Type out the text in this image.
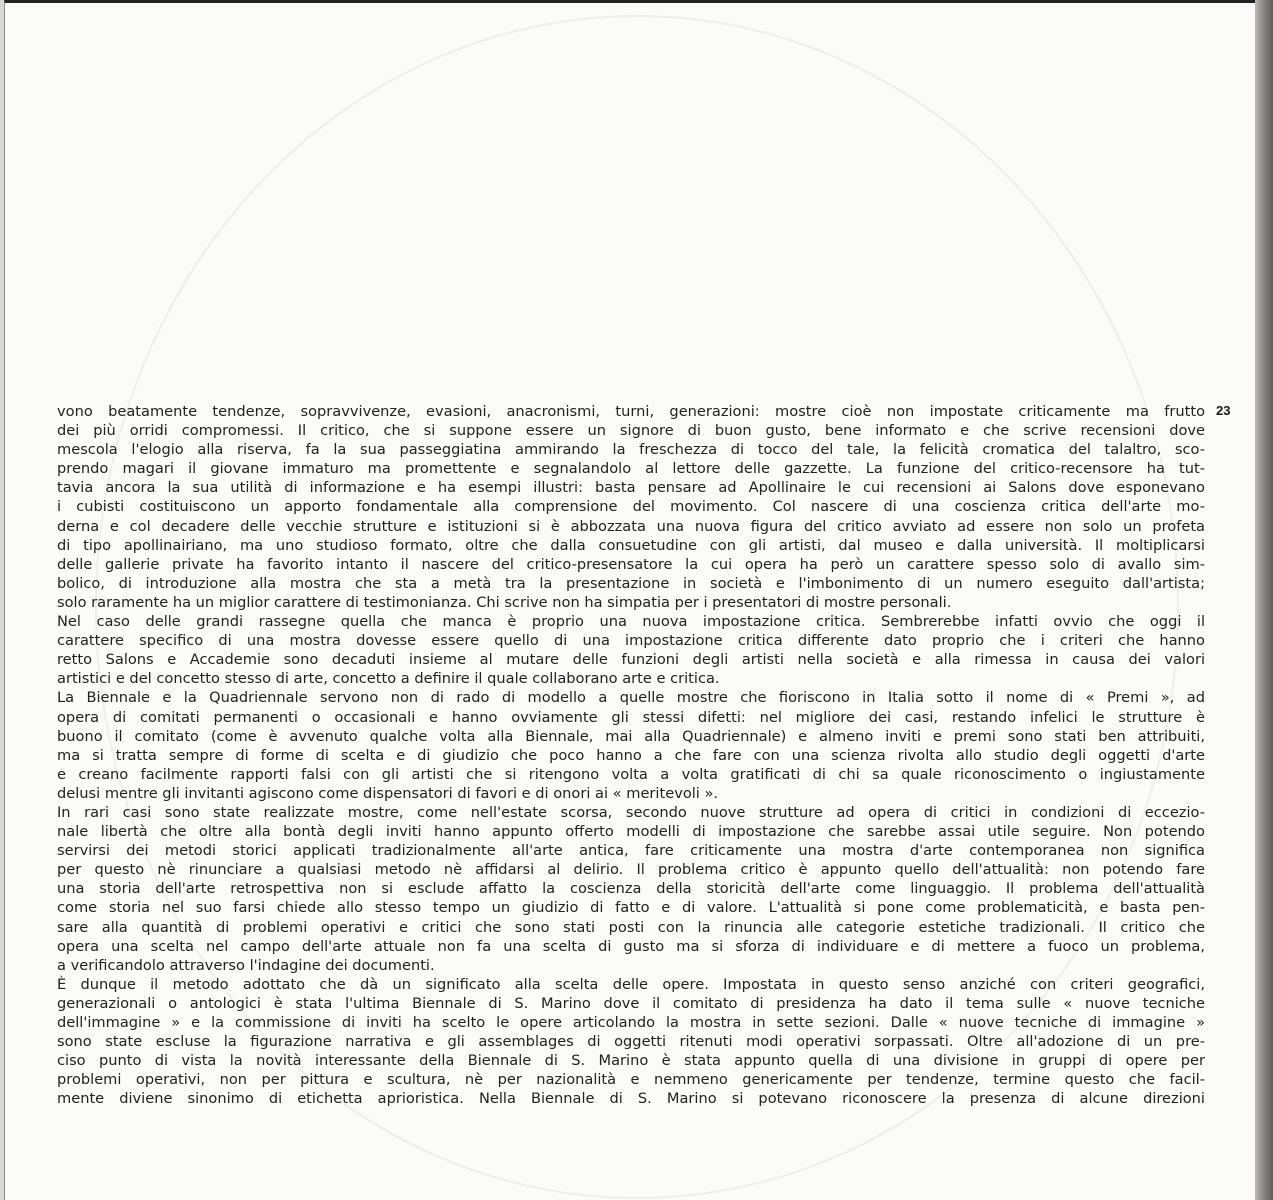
23

vono beatamente tendenze, sopravvivenze, evasioni, anacronismi, turni, generazioni: mostre cioè non impostate criticamente ma frutto
dei più orridi compromessi. Il critico, che si suppone essere un signore di buon gusto, bene informato e che scrive recensioni dove
mescola l'elogio alla riserva, fa la sua passeggiatina ammirando la freschezza di tocco del tale, la felicità cromatica del talaltro, sco-
prendo magari il giovane immaturo ma promettente e segnalandolo al lettore delle gazzette. La funzione del critico-recensore ha tut-
tavia ancora la sua utilità di informazione e ha esempi illustri: basta pensare ad Apollinaire le cui recensioni ai Salons dove esponevano
i cubisti costituiscono un apporto fondamentale alla comprensione del movimento. Col nascere di una coscienza critica dell'arte mo-
derna e col decadere delle vecchie strutture e istituzioni si è abbozzata una nuova figura del critico avviato ad essere non solo un profeta
di tipo apollinairiano, ma uno studioso formato, oltre che dalla consuetudine con gli artisti, dal museo e dalla università. Il moltiplicarsi
delle gallerie private ha favorito intanto il nascere del critico-presensatore la cui opera ha però un carattere spesso solo di avallo sim-
bolico, di introduzione alla mostra che sta a metà tra la presentazione in società e l'imbonimento di un numero eseguito dall'artista;
solo raramente ha un miglior carattere di testimonianza. Chi scrive non ha simpatia per i presentatori di mostre personali.
Nel caso delle grandi rassegne quella che manca è proprio una nuova impostazione critica. Sembrerebbe infatti ovvio che oggi il
carattere specifico di una mostra dovesse essere quello di una impostazione critica differente dato proprio che i criteri che hanno
retto Salons e Accademie sono decaduti insieme al mutare delle funzioni degli artisti nella società e alla rimessa in causa dei valori
artistici e del concetto stesso di arte, concetto a definire il quale collaborano arte e critica.
La Biennale e la Quadriennale servono non di rado di modello a quelle mostre che fioriscono in Italia sotto il nome di « Premi », ad
opera di comitati permanenti o occasionali e hanno ovviamente gli stessi difetti: nel migliore dei casi, restando infelici le strutture è
buono il comitato (come è avvenuto qualche volta alla Biennale, mai alla Quadriennale) e almeno inviti e premi sono stati ben attribuiti,
ma si tratta sempre di forme di scelta e di giudizio che poco hanno a che fare con una scienza rivolta allo studio degli oggetti d'arte
e creano facilmente rapporti falsi con gli artisti che si ritengono volta a volta gratificati di chi sa quale riconoscimento o ingiustamente
delusi mentre gli invitanti agiscono come dispensatori di favori e di onori ai « meritevoli ».
In rari casi sono state realizzate mostre, come nell'estate scorsa, secondo nuove strutture ad opera di critici in condizioni di eccezio-
nale libertà che oltre alla bontà degli inviti hanno appunto offerto modelli di impostazione che sarebbe assai utile seguire. Non potendo
servirsi dei metodi storici applicati tradizionalmente all'arte antica, fare criticamente una mostra d'arte contemporanea non significa
per questo nè rinunciare a qualsiasi metodo nè affidarsi al delirio. Il problema critico è appunto quello dell'attualità: non potendo fare
una storia dell'arte retrospettiva non si esclude affatto la coscienza della storicità dell'arte come linguaggio. Il problema dell'attualità
come storia nel suo farsi chiede allo stesso tempo un giudizio di fatto e di valore. L'attualità si pone come problematicità, e basta pen-
sare alla quantità di problemi operativi e critici che sono stati posti con la rinuncia alle categorie estetiche tradizionali. Il critico che
opera una scelta nel campo dell'arte attuale non fa una scelta di gusto ma si sforza di individuare e di mettere a fuoco un problema,
a verificandolo attraverso l'indagine dei documenti.
È dunque il metodo adottato che dà un significato alla scelta delle opere. Impostata in questo senso anziché con criteri geografici,
generazionali o antologici è stata l'ultima Biennale di S. Marino dove il comitato di presidenza ha dato il tema sulle « nuove tecniche
dell'immagine » e la commissione di inviti ha scelto le opere articolando la mostra in sette sezioni. Dalle « nuove tecniche di immagine »
sono state escluse la figurazione narrativa e gli assemblages di oggetti ritenuti modi operativi sorpassati. Oltre all'adozione di un pre-
ciso punto di vista la novità interessante della Biennale di S. Marino è stata appunto quella di una divisione in gruppi di opere per
problemi operativi, non per pittura e scultura, nè per nazionalità e nemmeno genericamente per tendenze, termine questo che facil-
mente diviene sinonimo di etichetta aprioristica. Nella Biennale di S. Marino si potevano riconoscere la presenza di alcune direzioni
